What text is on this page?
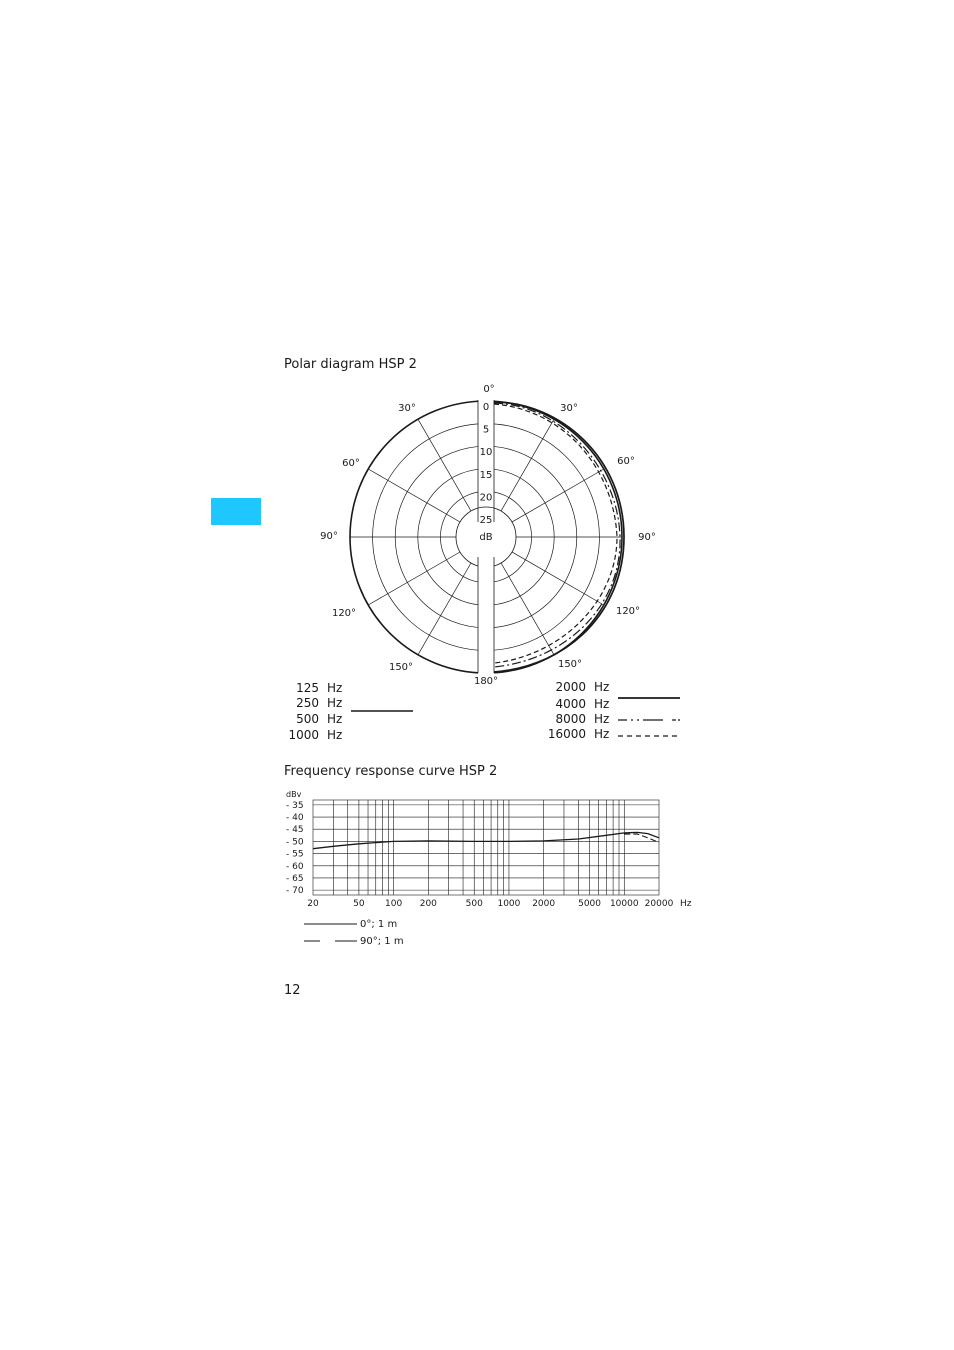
Polar diagram HSP 2
0°
180°
dB
0
5
10
15
20
25
30°	30°
60°	60°
90°	90°
120°	120°
150°	150°
125 Hz
250 Hz
500 Hz
1000 Hz
2000 Hz
4000 Hz
8000 Hz
16000 Hz
dBv
- 35
- 40
- 45
- 50
- 55
- 60
- 65
- 70
20	50 100 200	500 1000 2000	5000 10000 20000 Hz
0°; 1 m
90°; 1 m
Frequency response curve HSP 2
12
